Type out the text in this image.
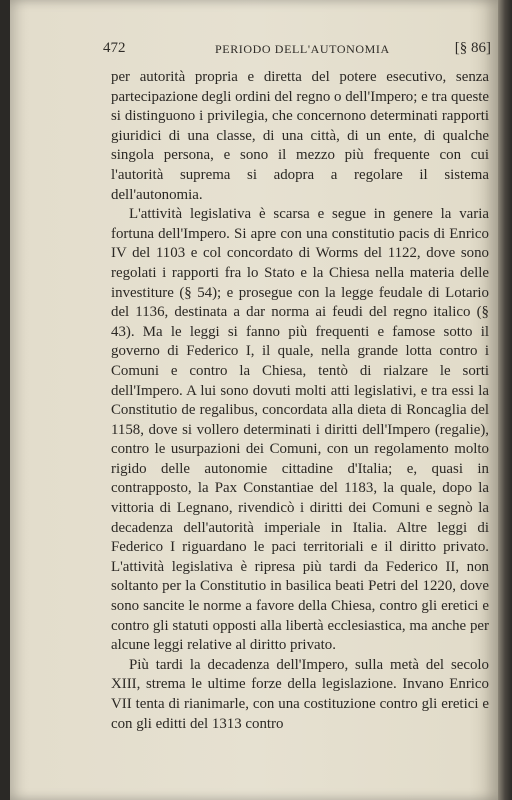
472	PERIODO DELL'AUTONOMIA	[§ 86]

per autorità propria e diretta del potere esecutivo, senza partecipazione degli ordini del regno o dell'Impero; e tra queste si distinguono i privilegia, che concernono determinati rapporti giuridici di una classe, di una città, di un ente, di qualche singola persona, e sono il mezzo più frequente con cui l'autorità suprema si adopra a regolare il sistema dell'autonomia.

L'attività legislativa è scarsa e segue in genere la varia fortuna dell'Impero. Si apre con una constitutio pacis di Enrico IV del 1103 e col concordato di Worms del 1122, dove sono regolati i rapporti fra lo Stato e la Chiesa nella materia delle investiture (§ 54); e prosegue con la legge feudale di Lotario del 1136, destinata a dar norma ai feudi del regno italico (§ 43). Ma le leggi si fanno più frequenti e famose sotto il governo di Federico I, il quale, nella grande lotta contro i Comuni e contro la Chiesa, tentò di rialzare le sorti dell'Impero. A lui sono dovuti molti atti legislativi, e tra essi la Constitutio de regalibus, concordata alla dieta di Roncaglia del 1158, dove si vollero determinati i diritti dell'Impero (regalie), contro le usurpazioni dei Comuni, con un regolamento molto rigido delle autonomie cittadine d'Italia; e, quasi in contrapposto, la Pax Constantiae del 1183, la quale, dopo la vittoria di Legnano, rivendicò i diritti dei Comuni e segnò la decadenza dell'autorità imperiale in Italia. Altre leggi di Federico I riguardano le paci territoriali e il diritto privato. L'attività legislativa è ripresa più tardi da Federico II, non soltanto per la Constitutio in basilica beati Petri del 1220, dove sono sancite le norme a favore della Chiesa, contro gli eretici e contro gli statuti opposti alla libertà ecclesiastica, ma anche per alcune leggi relative al diritto privato.

Più tardi la decadenza dell'Impero, sulla metà del secolo XIII, strema le ultime forze della legislazione. Invano Enrico VII tenta di rianimarle, con una costituzione contro gli eretici e con gli editti del 1313 contro
